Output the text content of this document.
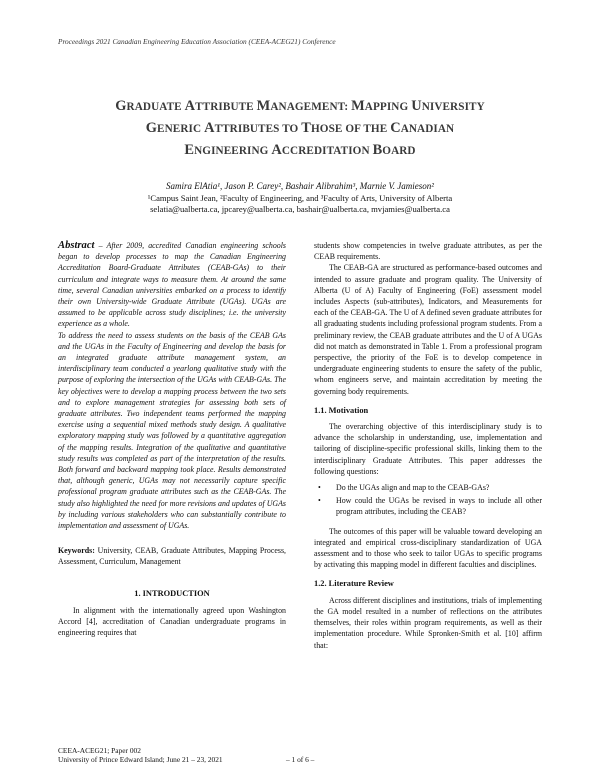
Proceedings 2021 Canadian Engineering Education Association (CEEA-ACEG21) Conference
GRADUATE ATTRIBUTE MANAGEMENT: MAPPING UNIVERSITY
GENERIC ATTRIBUTES TO THOSE OF THE CANADIAN
ENGINEERING ACCREDITATION BOARD
Samira ElAtia¹, Jason P. Carey², Bashair Alibrahim³, Marnie V. Jamieson²
¹Campus Saint Jean, ²Faculty of Engineering, and ³Faculty of Arts, University of Alberta
selatia@ualberta.ca, jpcarey@ualberta.ca, bashair@ualberta.ca, mvjamies@ualberta.ca
Abstract – After 2009, accredited Canadian engineering schools began to develop processes to map the Canadian Engineering Accreditation Board-Graduate Attributes (CEAB-GAs) to their curriculum and integrate ways to measure them. At around the same time, several Canadian universities embarked on a process to identify their own University-wide Graduate Attribute (UGAs). UGAs are assumed to be applicable across study disciplines; i.e. the university experience as a whole.
To address the need to assess students on the basis of the CEAB GAs and the UGAs in the Faculty of Engineering and develop the basis for an integrated graduate attribute management system, an interdisciplinary team conducted a yearlong qualitative study with the purpose of exploring the intersection of the UGAs with CEAB-GAs. The key objectives were to develop a mapping process between the two sets and to explore management strategies for assessing both sets of graduate attributes. Two independent teams performed the mapping exercise using a sequential mixed methods study design. A qualitative exploratory mapping study was followed by a quantitative aggregation of the mapping results. Integration of the qualitative and quantitative study results was completed as part of the interpretation of the results. Both forward and backward mapping took place. Results demonstrated that, although generic, UGAs may not necessarily capture specific professional program graduate attributes such as the CEAB-GAs. The study also highlighted the need for more revisions and updates of UGAs by including various stakeholders who can substantially contribute to implementation and assessment of UGAs.
Keywords: University, CEAB, Graduate Attributes, Mapping Process, Assessment, Curriculum, Management
1. INTRODUCTION

In alignment with the internationally agreed upon Washington Accord [4], accreditation of Canadian undergraduate programs in engineering requires that

students show competencies in twelve graduate attributes, as per the CEAB requirements.

The CEAB-GA are structured as performance-based outcomes and intended to assure graduate and program quality. The University of Alberta (U of A) Faculty of Engineering (FoE) assessment model includes Aspects (sub-attributes), Indicators, and Measurements for each of the CEAB-GA. The U of A defined seven graduate attributes for all graduating students including professional program students. From a preliminary review, the CEAB graduate attributes and the U of A UGAs did not match as demonstrated in Table 1. From a professional program perspective, the priority of the FoE is to develop competence in undergraduate engineering students to ensure the safety of the public, whom engineers serve, and maintain accreditation by meeting the governing body requirements.

1.1. Motivation

The overarching objective of this interdisciplinary study is to advance the scholarship in understanding, use, implementation and tailoring of discipline-specific professional skills, linking them to the interdisciplinary Graduate Attributes. This paper addresses the following questions:

• Do the UGAs align and map to the CEAB-GAs?
• How could the UGAs be revised in ways to include all other program attributes, including the CEAB?

The outcomes of this paper will be valuable toward developing an integrated and empirical cross-disciplinary standardization of UGA assessment and to those who seek to tailor UGAs to specific programs by activating this mapping model in different faculties and disciplines.

1.2. Literature Review

Across different disciplines and institutions, trials of implementing the GA model resulted in a number of reflections on the attributes themselves, their roles within program requirements, as well as their implementation procedure. While Spronken-Smith et al. [10] affirm that:

CEEA-ACEG21; Paper 002
University of Prince Edward Island; June 21 – 23, 2021	– 1 of 6 –
